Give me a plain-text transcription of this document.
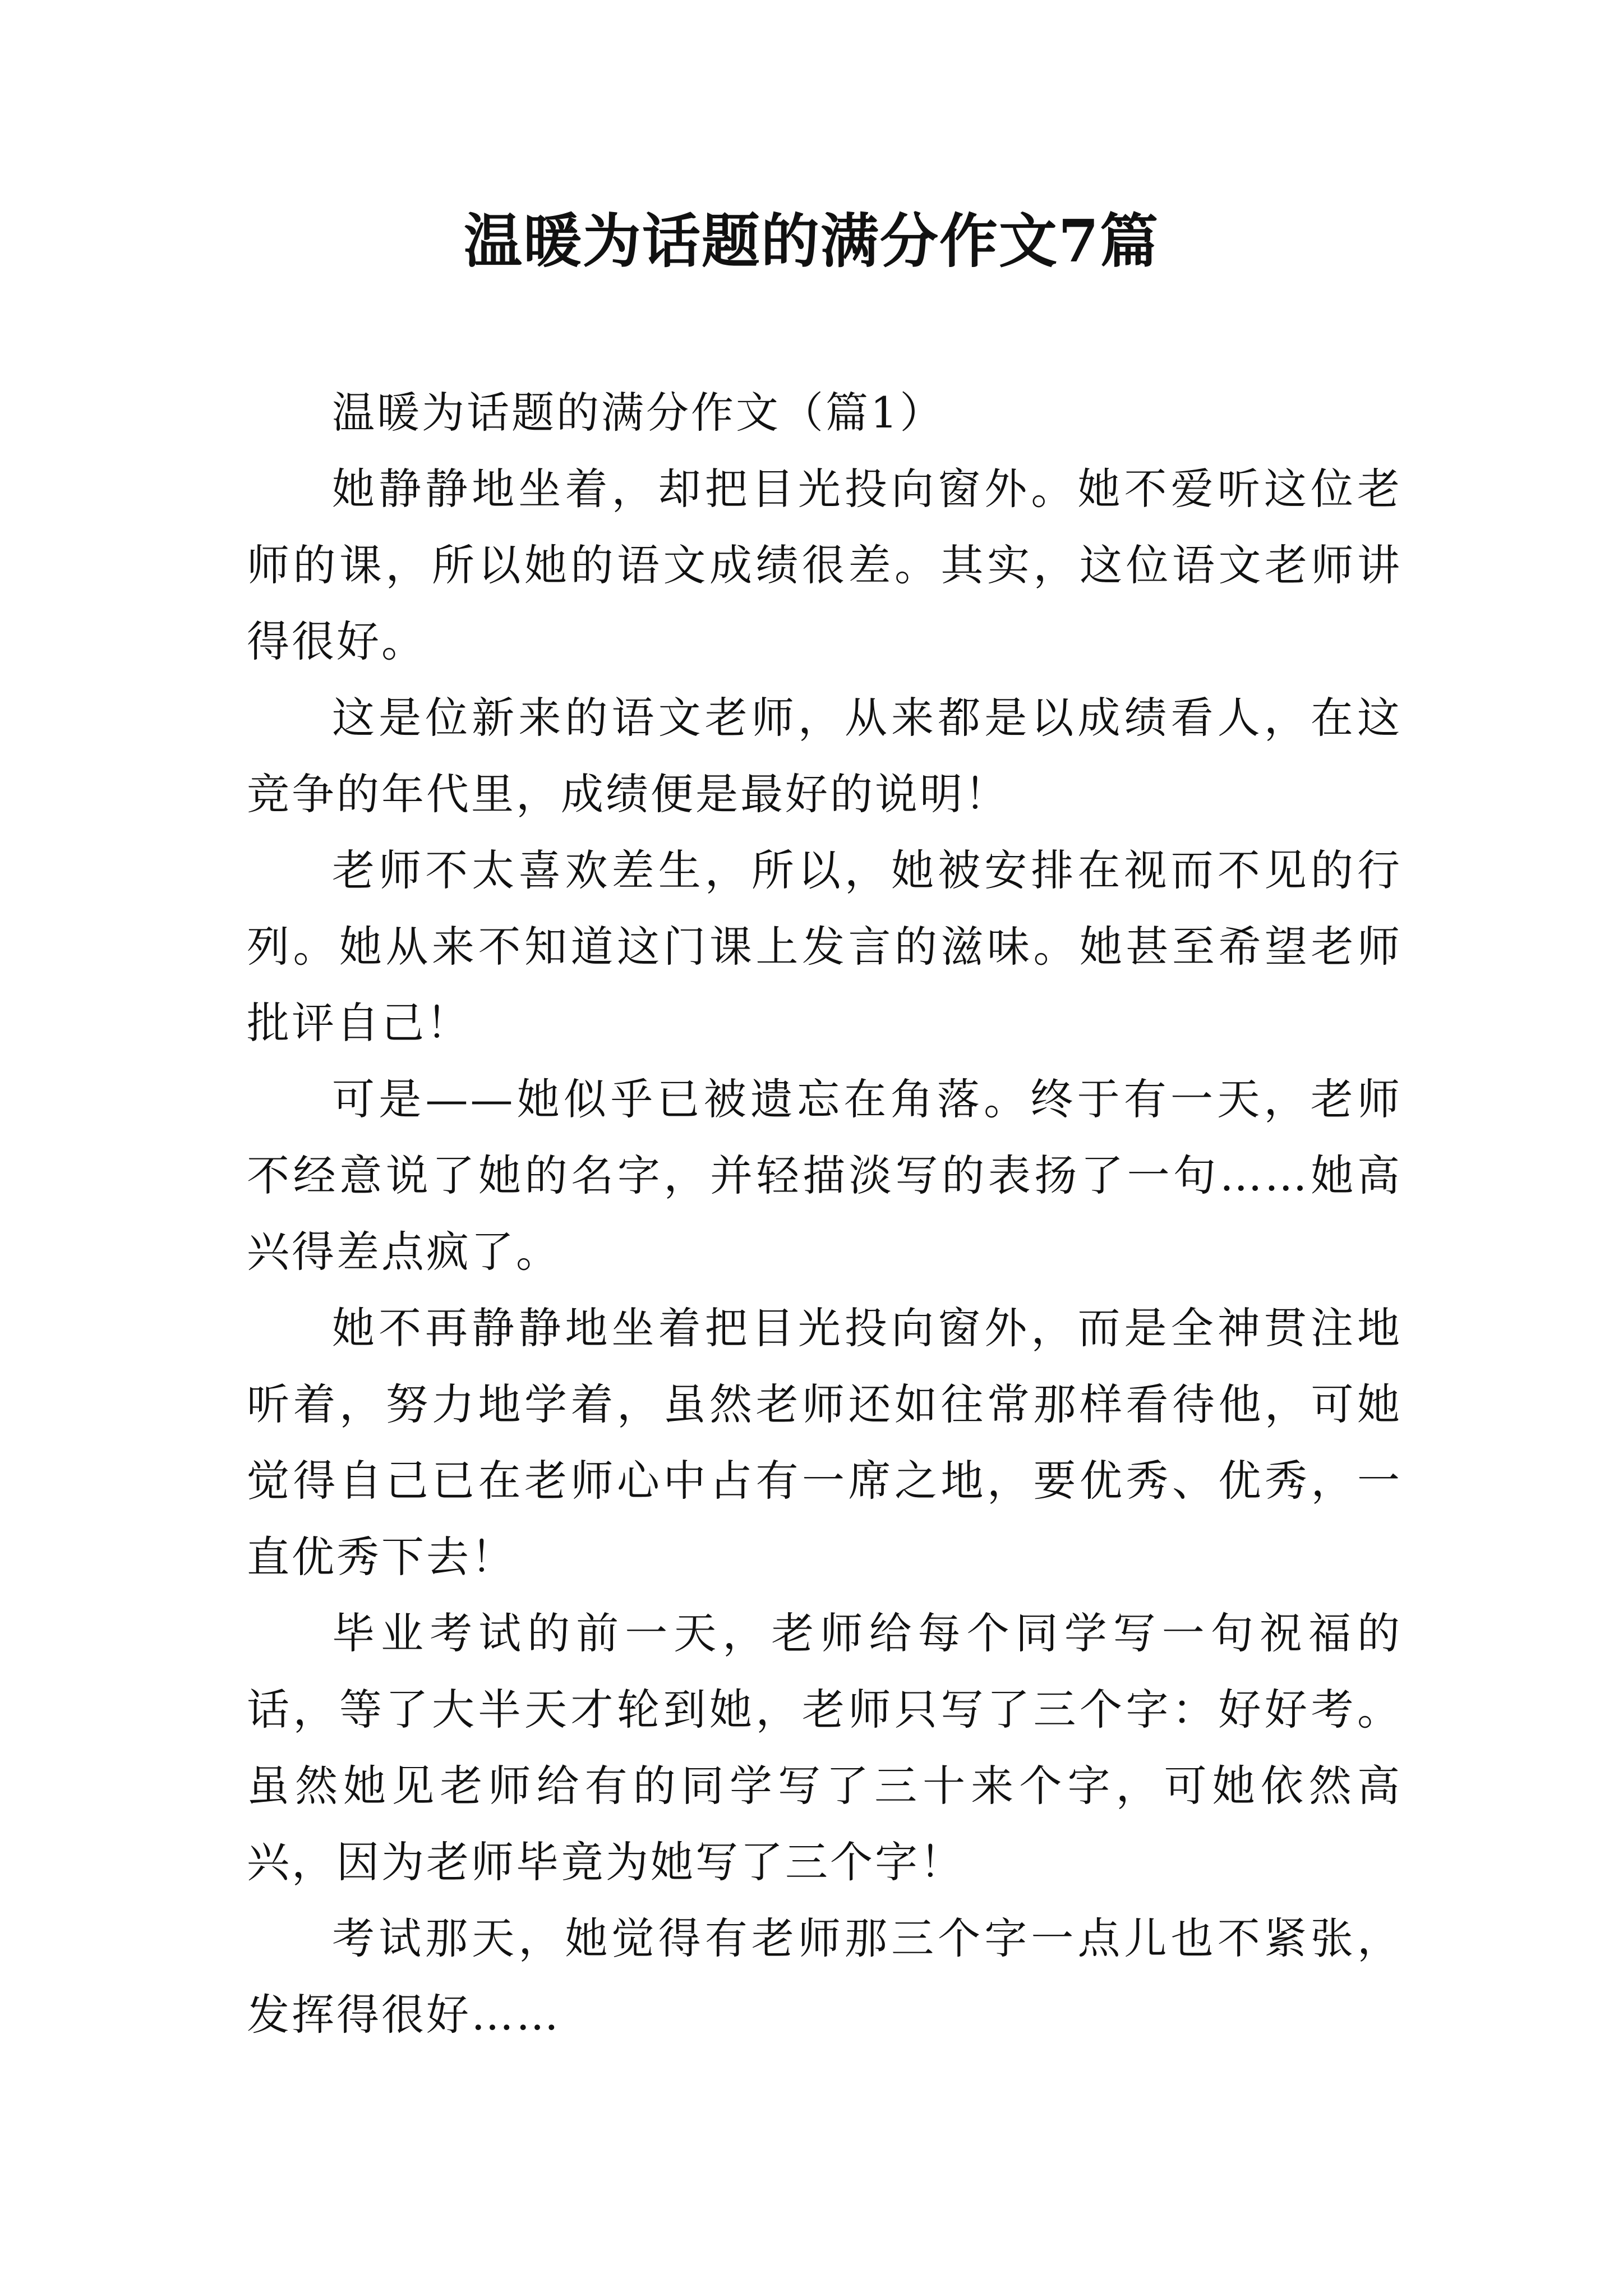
温暖为话题的满分作文7篇

温暖为话题的满分作文（篇1）

她静静地坐着，却把目光投向窗外。她不爱听这位老师的课，所以她的语文成绩很差。其实，这位语文老师讲得很好。

这是位新来的语文老师，从来都是以成绩看人，在这竞争的年代里，成绩便是最好的说明！

老师不太喜欢差生，所以，她被安排在视而不见的行列。她从来不知道这门课上发言的滋味。她甚至希望老师批评自己！

可是——她似乎已被遗忘在角落。终于有一天，老师不经意说了她的名字，并轻描淡写的表扬了一句……她高兴得差点疯了。

她不再静静地坐着把目光投向窗外，而是全神贯注地听着，努力地学着，虽然老师还如往常那样看待他，可她觉得自己已在老师心中占有一席之地，要优秀、优秀，一直优秀下去！

毕业考试的前一天，老师给每个同学写一句祝福的话，等了大半天才轮到她，老师只写了三个字：好好考。虽然她见老师给有的同学写了三十来个字，可她依然高兴，因为老师毕竟为她写了三个字！

考试那天，她觉得有老师那三个字一点儿也不紧张，发挥得很好……
